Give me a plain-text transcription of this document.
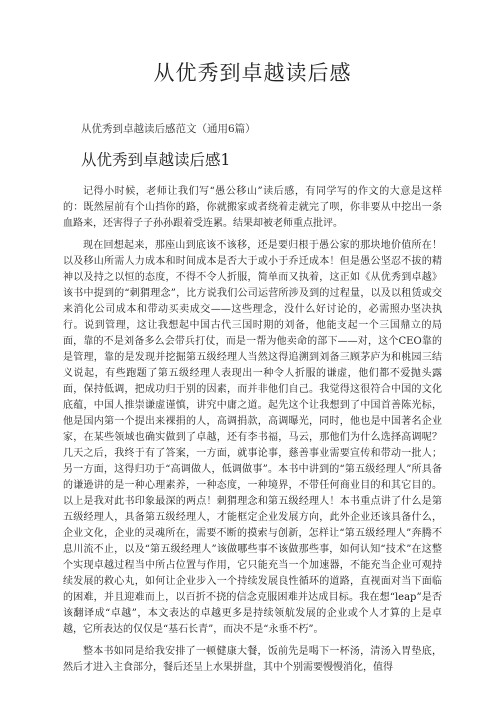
从优秀到卓越读后感
从优秀到卓越读后感范文（通用6篇）
从优秀到卓越读后感1

记得小时候，老师让我们写“愚公移山”读后感，有同学写的作文的大意是这样的：既然屋前有个山挡你的路，你就搬家或者绕着走就完了呗，你非要从中挖出一条血路来，还害得子子孙孙跟着受连累。结果却被老师重点批评。

现在回想起来，那座山到底该不该移，还是要归根于愚公家的那块地价值所在！以及移山所需人力成本和时间成本是否大于或小于乔迁成本！但是愚公坚忍不拔的精神以及持之以恒的态度，不得不令人折服，简单而又执着，这正如《从优秀到卓越》该书中提到的“刺猬理念”，比方说我们公司运营所涉及到的过程量，以及以租赁或交来消化公司成本和带动买卖成交——这些理念，没什么好讨论的，必需照办坚决执行。说到管理，这让我想起中国古代三国时期的刘备，他能支起一个三国鼎立的局面，靠的不是刘备多么会带兵打仗，而是一帮为他卖命的部下——对，这个CEO靠的是管理，靠的是发现并挖掘第五级经理人当然这得追溯到刘备三顾茅庐为和桃园三结义说起，有些跑题了第五级经理人表现出一种令人折服的谦虚，他们都不爱抛头露面，保持低调，把成功归于别的因素，而并非他们自己。我觉得这很符合中国的文化底蕴，中国人推崇谦虚谨慎，讲究中庸之道。起先这个让我想到了中国首善陈光标，他是国内第一个提出来裸捐的人，高调捐款，高调曝光，同时，他也是中国著名企业家，在某些领域也确实做到了卓越，还有李书福，马云，那他们为什么选择高调呢？几天之后，我终于有了答案，一方面，就事论事，慈善事业需要宣传和带动一批人；另一方面，这得归功于“高调做人，低调做事”。本书中讲到的“第五级经理人”所具备的谦逊讲的是一种心理素养，一种态度，一种境界，不带任何商业目的和其它目的。以上是我对此书印象最深的两点！刺猬理念和第五级经理人！本书重点讲了什么是第五级经理人，具备第五级经理人，才能框定企业发展方向，此外企业还该具备什么，企业文化，企业的灵魂所在，需要不断的摸索与创新，怎样让“第五级经理人”奔腾不息川流不止，以及“第五级经理人”该做哪些事不该做那些事，如何认知“技术”在这整个实现卓越过程当中所占位置与作用，它只能充当一个加速器，不能充当企业可观持续发展的救心丸，如何让企业步入一个持续发展良性循环的道路，直视面对当下面临的困难，并且迎难而上，以百折不挠的信念克服困难并达成目标。我在想“leap”是否该翻译成“卓越”，本文表达的卓越更多是持续领航发展的企业或个人才算的上是卓越，它所表达的仅仅是“基石长青”，而决不是“永垂不朽”。

整本书如同是给我安排了一顿健康大餐，饭前先是喝下一杯汤，清汤入胃垫底，然后才进入主食部分，餐后还呈上水果拼盘，其中个别需要慢慢消化，值得
